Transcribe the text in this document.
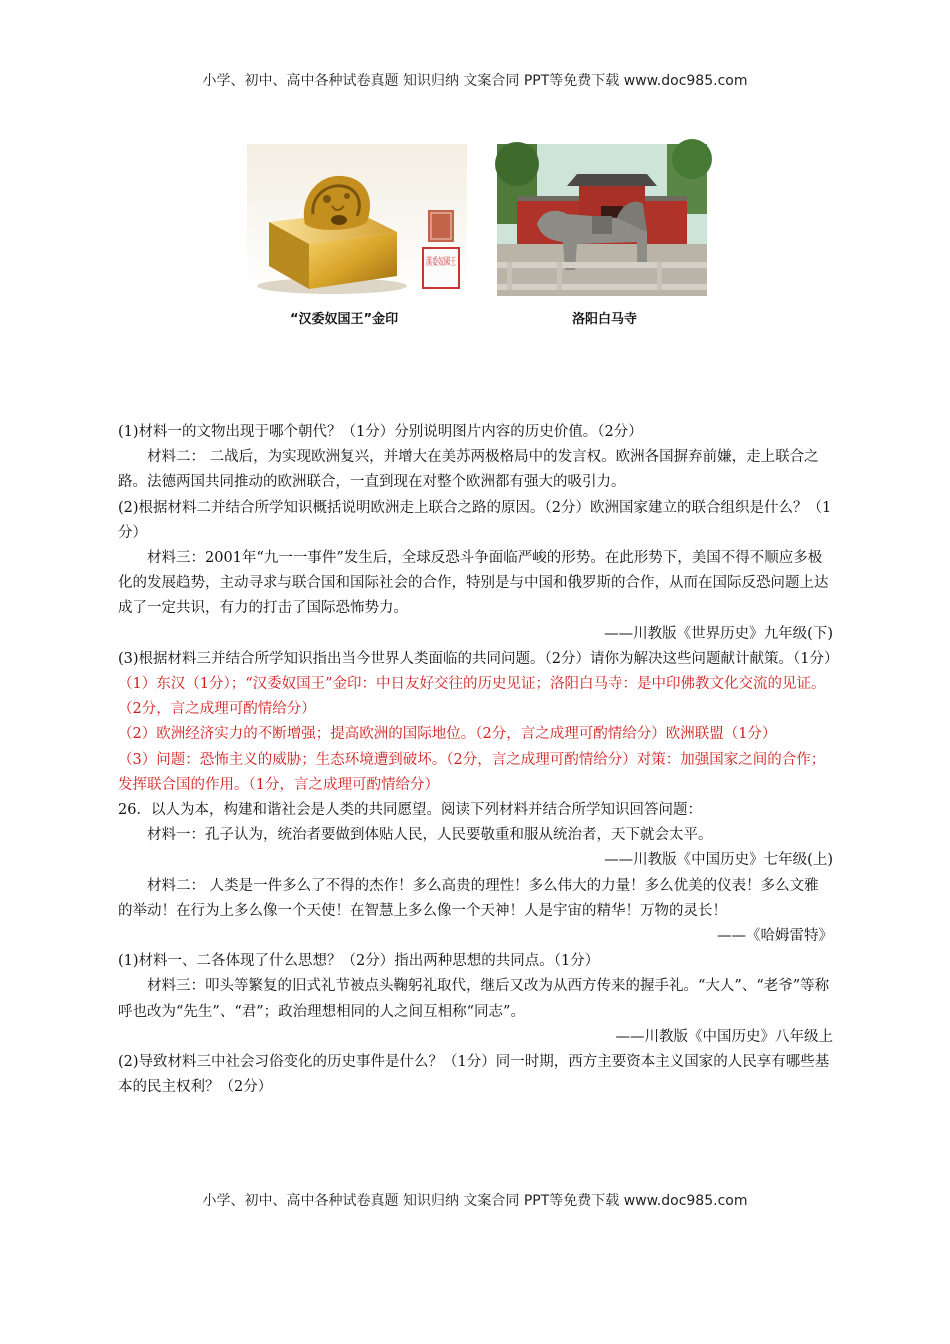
小学、初中、高中各种试卷真题 知识归纳 文案合同 PPT等免费下载 www.doc985.com
漢委奴國王
“汉委奴国王”金印	洛阳白马寺

(1)材料一的文物出现于哪个朝代？（1分）分别说明图片内容的历史价值。（2分）

材料二： 二战后，为实现欧洲复兴，并增大在美苏两极格局中的发言权。欧洲各国摒弃前嫌，走上联合之路。法德两国共同推动的欧洲联合，一直到现在对整个欧洲都有强大的吸引力。

(2)根据材料二并结合所学知识概括说明欧洲走上联合之路的原因。（2分）欧洲国家建立的联合组织是什么？（1分）

材料三：2001年“九一一事件”发生后，全球反恐斗争面临严峻的形势。在此形势下，美国不得不顺应多极化的发展趋势，主动寻求与联合国和国际社会的合作，特别是与中国和俄罗斯的合作，从而在国际反恐问题上达成了一定共识，有力的打击了国际恐怖势力。

——川教版《世界历史》九年级(下)

(3)根据材料三并结合所学知识指出当今世界人类面临的共同问题。（2分）请你为解决这些问题献计献策。（1分）

（1）东汉（1分）；“汉委奴国王”金印：中日友好交往的历史见证；洛阳白马寺：是中印佛教文化交流的见证。（2分，言之成理可酌情给分）

（2）欧洲经济实力的不断增强；提高欧洲的国际地位。（2分，言之成理可酌情给分）欧洲联盟（1分）

（3）问题：恐怖主义的威胁；生态环境遭到破坏。（2分，言之成理可酌情给分）对策：加强国家之间的合作；发挥联合国的作用。（1分，言之成理可酌情给分）

26．以人为本，构建和谐社会是人类的共同愿望。阅读下列材料并结合所学知识回答问题：

材料一：孔子认为，统治者要做到体贴人民，人民要敬重和服从统治者，天下就会太平。

——川教版《中国历史》七年级(上)

材料二： 人类是一件多么了不得的杰作！多么高贵的理性！多么伟大的力量！多么优美的仪表！多么文雅的举动！在行为上多么像一个天使！在智慧上多么像一个天神！人是宇宙的精华！万物的灵长！

——《哈姆雷特》

(1)材料一、二各体现了什么思想？（2分）指出两种思想的共同点。（1分）

材料三：叩头等繁复的旧式礼节被点头鞠躬礼取代，继后又改为从西方传来的握手礼。“大人”、“老爷”等称呼也改为“先生”、“君”；政治理想相同的人之间互相称“同志”。

——川教版《中国历史》八年级上

(2)导致材料三中社会习俗变化的历史事件是什么？（1分）同一时期，西方主要资本主义国家的人民享有哪些基本的民主权利？（2分）

小学、初中、高中各种试卷真题 知识归纳 文案合同 PPT等免费下载 www.doc985.com
